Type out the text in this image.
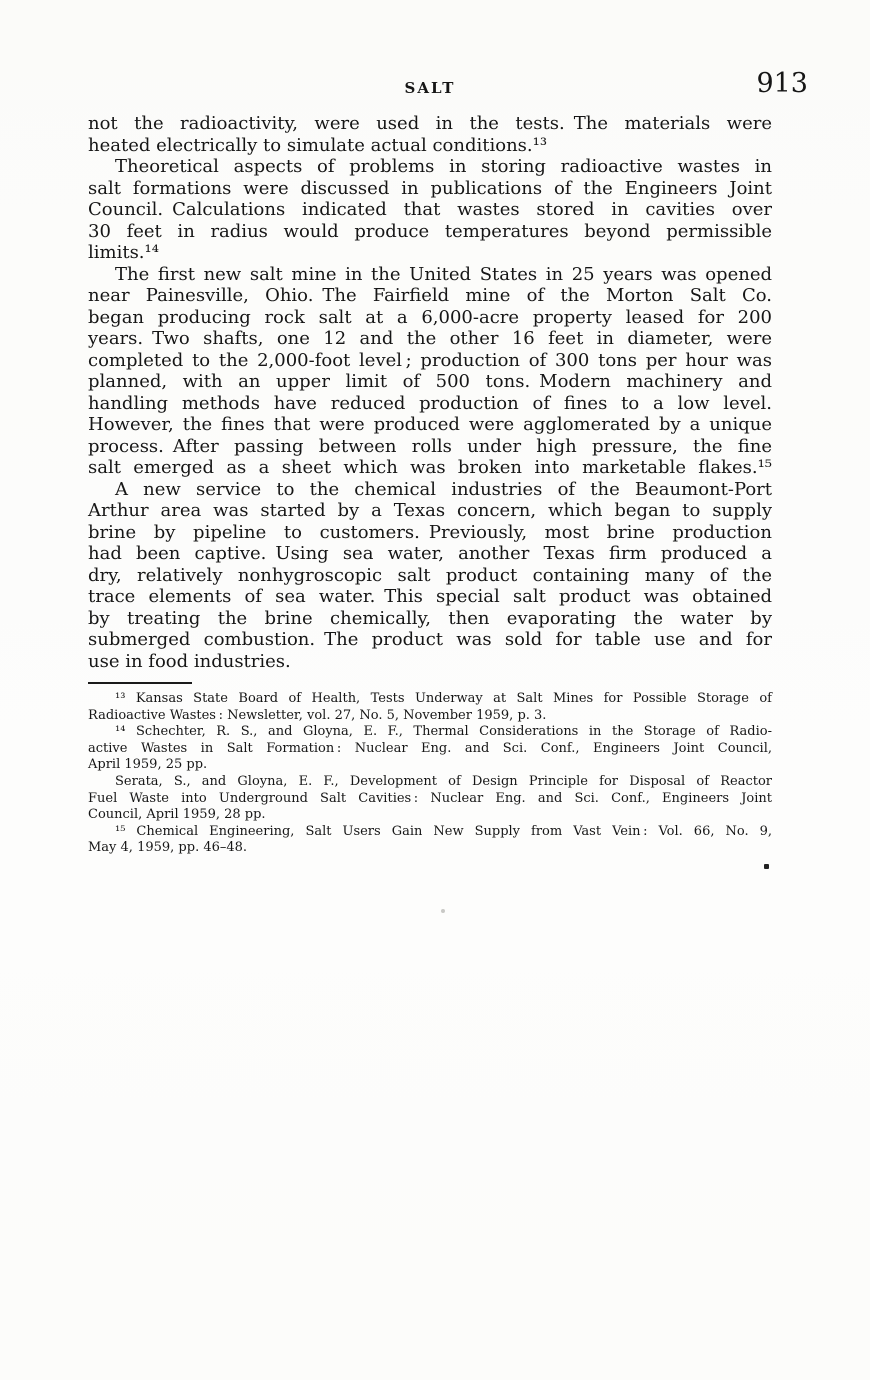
SALT	913
not the radioactivity, were used in the tests. The materials were
heated electrically to simulate actual conditions.¹³
Theoretical aspects of problems in storing radioactive wastes in
salt formations were discussed in publications of the Engineers Joint
Council. Calculations indicated that wastes stored in cavities over
30 feet in radius would produce temperatures beyond permissible
limits.¹⁴
The first new salt mine in the United States in 25 years was opened
near Painesville, Ohio. The Fairfield mine of the Morton Salt Co.
began producing rock salt at a 6,000-acre property leased for 200
years. Two shafts, one 12 and the other 16 feet in diameter, were
completed to the 2,000-foot level ; production of 300 tons per hour was
planned, with an upper limit of 500 tons. Modern machinery and
handling methods have reduced production of fines to a low level.
However, the fines that were produced were agglomerated by a unique
process. After passing between rolls under high pressure, the fine
salt emerged as a sheet which was broken into marketable flakes.¹⁵
A new service to the chemical industries of the Beaumont-Port
Arthur area was started by a Texas concern, which began to supply
brine by pipeline to customers. Previously, most brine production
had been captive. Using sea water, another Texas firm produced a
dry, relatively nonhygroscopic salt product containing many of the
trace elements of sea water. This special salt product was obtained
by treating the brine chemically, then evaporating the water by
submerged combustion. The product was sold for table use and for
use in food industries.
¹³ Kansas State Board of Health, Tests Underway at Salt Mines for Possible Storage of
Radioactive Wastes : Newsletter, vol. 27, No. 5, November 1959, p. 3.
¹⁴ Schechter, R. S., and Gloyna, E. F., Thermal Considerations in the Storage of Radio-
active Wastes in Salt Formation : Nuclear Eng. and Sci. Conf., Engineers Joint Council,
April 1959, 25 pp.
Serata, S., and Gloyna, E. F., Development of Design Principle for Disposal of Reactor
Fuel Waste into Underground Salt Cavities : Nuclear Eng. and Sci. Conf., Engineers Joint
Council, April 1959, 28 pp.
¹⁵ Chemical Engineering, Salt Users Gain New Supply from Vast Vein : Vol. 66, No. 9,
May 4, 1959, pp. 46–48.
